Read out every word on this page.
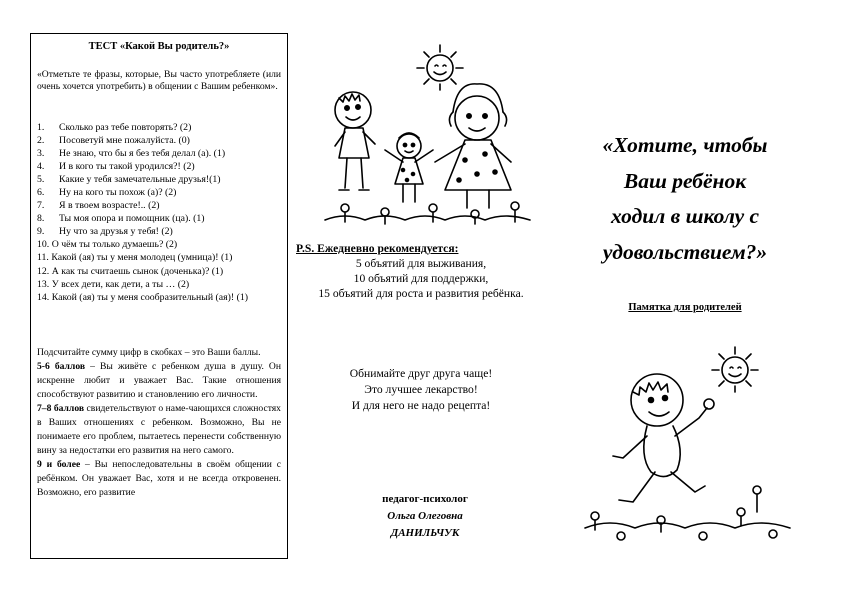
ТЕСТ «Какой Вы родитель?»
«Отметьте те фразы, которые, Вы часто употребляете (или очень хочется употребить) в общении с Вашим ребенком».
1. Сколько раз тебе повторять? (2)
2. Посоветуй мне пожалуйста. (0)
3. Не знаю, что бы я без тебя делал (а). (1)
4. И в кого ты такой уродился?! (2)
5. Какие у тебя замечательные друзья!(1)
6. Ну на кого ты похож (а)? (2)
7. Я в твоем возрасте!.. (2)
8. Ты моя опора и помощник (ца). (1)
9. Ну что за друзья у тебя! (2)
10. О чём ты только думаешь? (2)
11. Какой (ая) ты у меня молодец (умница)! (1)
12. А как ты считаешь сынок (доченька)? (1)
13. У всех дети, как дети, а ты … (2)
14. Какой (ая) ты у меня сообразительный (ая)! (1)

Подсчитайте сумму цифр в скобках – это Ваши баллы.

5-6 баллов – Вы живёте с ребенком душа в душу. Он искренне любит и уважает Вас. Такие отношения способствуют развитию и становлению его личности.

7–8 баллов свидетельствуют о наме-чающихся сложностях в Ваших отношениях с ребенком. Возможно, Вы не понимаете его проблем, пытаетесь перенести собственную вину за недостатки его развития на него самого.

9 и более – Вы непоследовательны в своём общении с ребёнком. Он уважает Вас, хотя и не всегда откровенен. Возможно, его развитие

P.S. Ежедневно рекомендуется:
5 объятий для выживания,
10 объятий для поддержки,
15 объятий для роста и развития ребёнка.
Обнимайте друг друга чаще!
Это лучшее лекарство!
И для него не надо рецепта!
педагог-психолог
Ольга Олеговна
ДАНИЛЬЧУК
«Хотите, чтобы
Ваш ребёнок
ходил в школу с
удовольствием?»
Памятка для родителей
